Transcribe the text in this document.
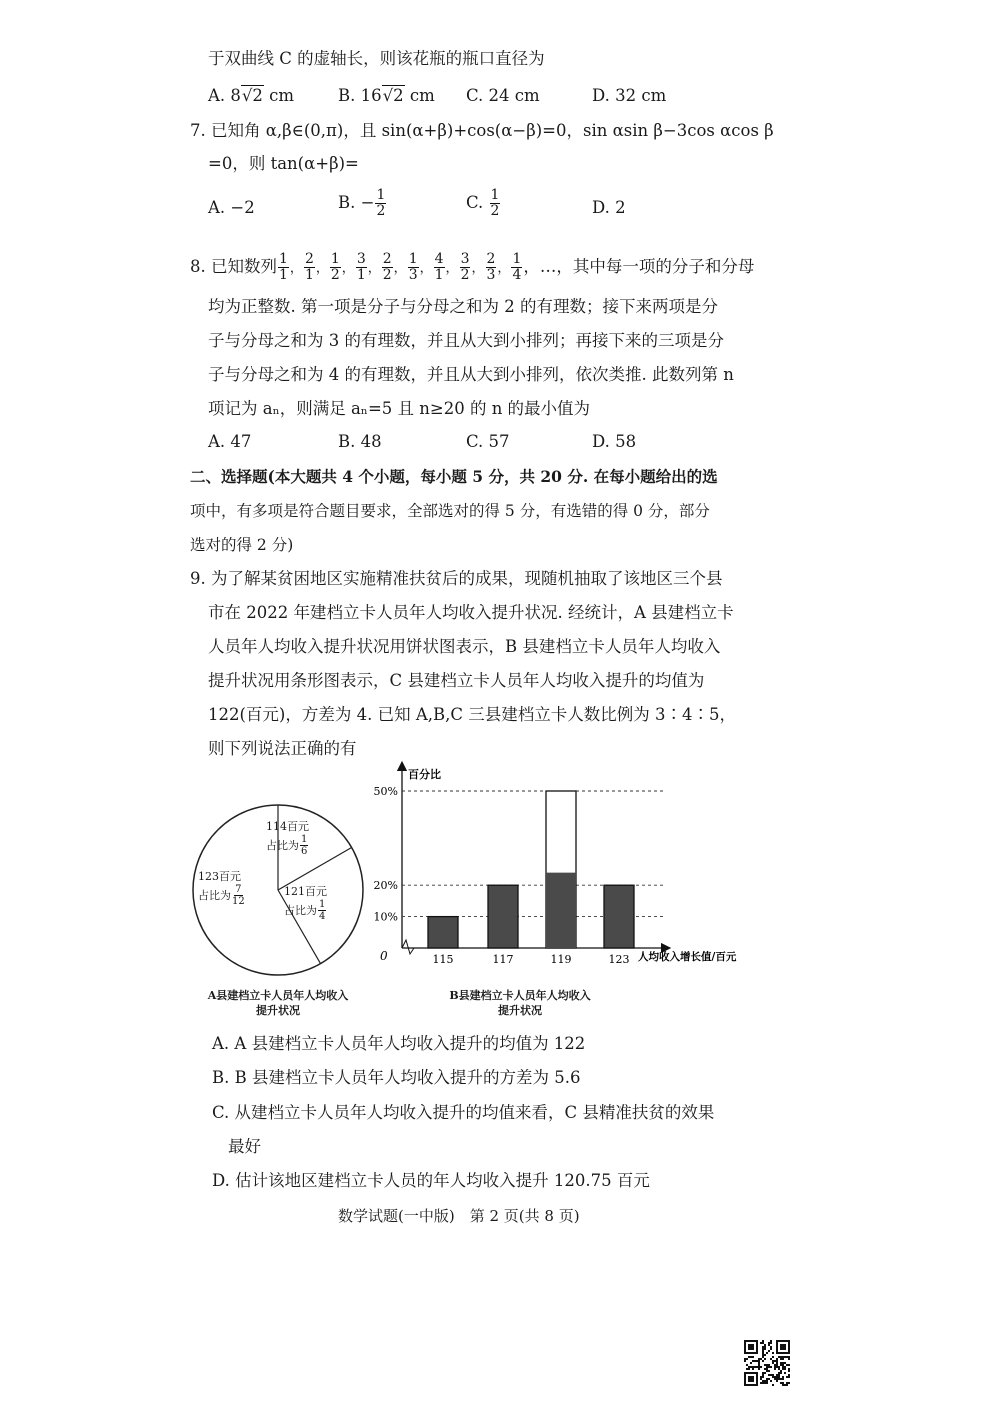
于双曲线 C 的虚轴长，则该花瓶的瓶口直径为
A. 8√2 cm	B. 16√2 cm C. 24 cm	D. 32 cm
7. 已知角 α,β∈(0,π)，且 sin(α+β)+cos(α−β)=0，sin αsin β−3cos αcos β
=0，则 tan(α+β)=
A. −2	B. − $\frac{1}{2}$	C. $\frac{1}{2}$	D. 2
8. 已知数列 $\frac{1}{1}$ ， $\frac{2}{1}$ ， $\frac{1}{2}$ ， $\frac{3}{1}$ ， $\frac{2}{2}$ ， $\frac{1}{3}$ ， $\frac{4}{1}$ ， $\frac{3}{2}$ ， $\frac{2}{3}$ ， $\frac{1}{4}$ ，…，其中每一项的分子和分母
均为正整数. 第一项是分子与分母之和为 2 的有理数；接下来两项是分
子与分母之和为 3 的有理数，并且从大到小排列；再接下来的三项是分
子与分母之和为 4 的有理数，并且从大到小排列，依次类推. 此数列第 n
项记为 aₙ，则满足 aₙ=5 且 n≥20 的 n 的最小值为
A. 47	B. 48	C. 57	D. 58
二、选择题(本大题共 4 个小题，每小题 5 分，共 20 分. 在每小题给出的选
项中，有多项是符合题目要求，全部选对的得 5 分，有选错的得 0 分，部分
选对的得 2 分)
9. 为了解某贫困地区实施精准扶贫后的成果，现随机抽取了该地区三个县
市在 2022 年建档立卡人员年人均收入提升状况. 经统计，A 县建档立卡
人员年人均收入提升状况用饼状图表示，B 县建档立卡人员年人均收入
提升状况用条形图表示，C 县建档立卡人员年人均收入提升的均值为
122(百元)，方差为 4. 已知 A,B,C 三县建档立卡人数比例为 3∶4∶5，
则下列说法正确的有
114百元
占比为 $\frac{1}{6}$
121百元
占比为 $\frac{1}{4}$
123百元
占比为 $\frac{7}{12}$
A县建档立卡人员年人均收入
提升状况
115	117	119	123
10%
20%
50%
0
百分比
人均收入增长值/百元
B县建档立卡人员年人均收入
提升状况
A. A 县建档立卡人员年人均收入提升的均值为 122
B. B 县建档立卡人员年人均收入提升的方差为 5.6
C. 从建档立卡人员年人均收入提升的均值来看，C 县精准扶贫的效果
最好
D. 估计该地区建档立卡人员的年人均收入提升 120.75 百元
数学试题(一中版)　第 2 页(共 8 页)
